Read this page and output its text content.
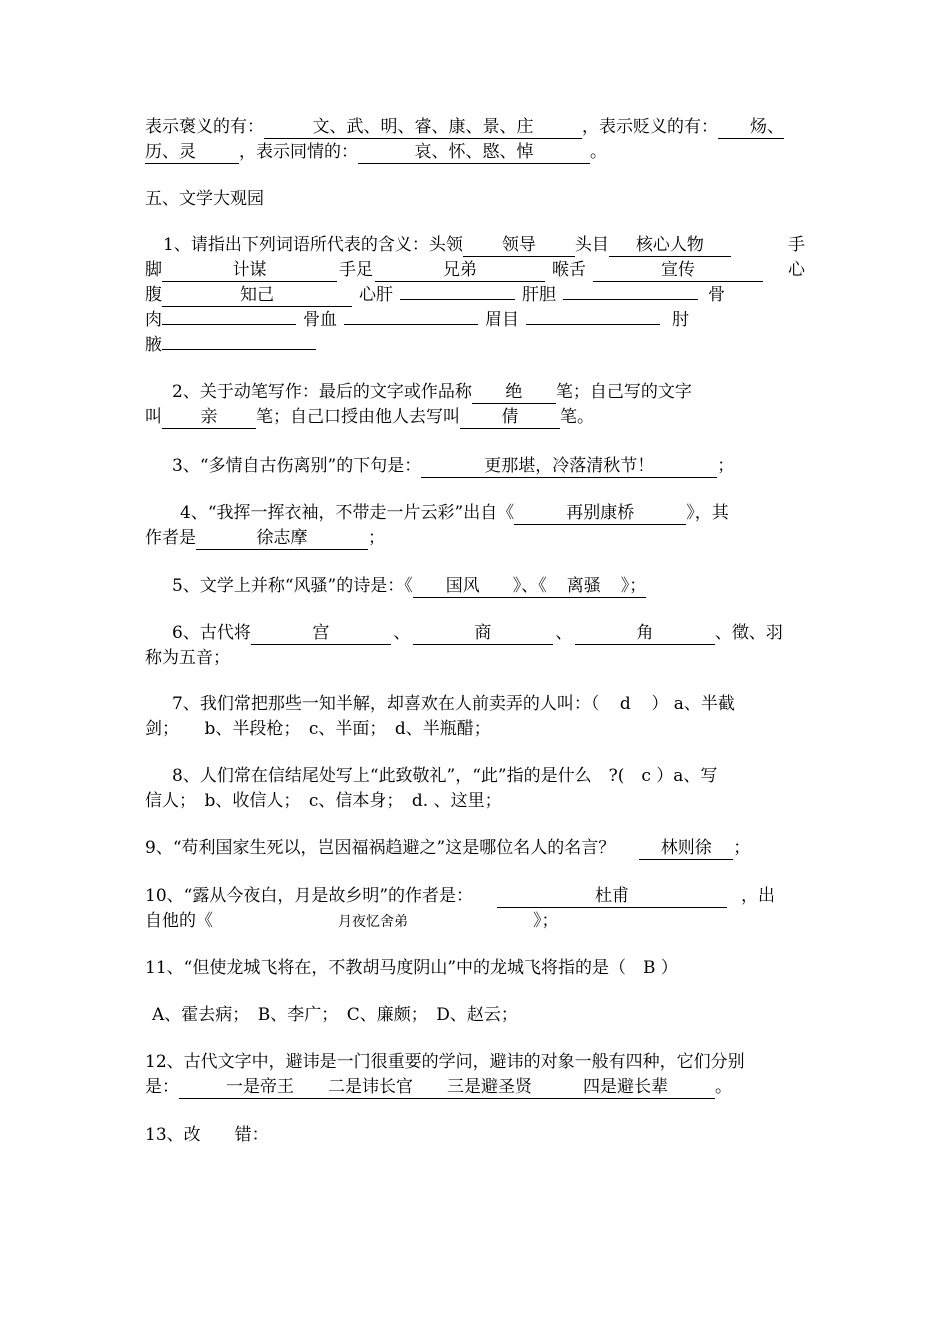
表示褒义的有：	文、武、明、睿、康、景、庄	，表示贬义的有： 炀、
历、灵	，表示同情的：	哀、怀、愍、悼	。
五、文学大观园
1、请指出下列词语所代表的含义：头领 领导 头目 核心人物	手
脚	计谋	手足	兄弟	喉舌	宣传	心
腹	知己	心肝	肝胆	骨
肉	骨血	眉目	肘
腋
2、关于动笔写作：最后的文字或作品称 绝 笔；自己写的文字
叫 亲 笔；自己口授由他人去写叫 倩 笔。
3、“多情自古伤离别”的下句是：	更那堪，冷落清秋节！	；
4、“我挥一挥衣袖，不带走一片云彩”出自《	再别康桥	》，其
作者是	徐志摩	；
5、文学上并称“风骚”的诗是：《 国风 》、《 离骚 》；
6、古代将	宫	、	商	、	角	、徵、羽
称为五音；
7、我们常把那些一知半解，却喜欢在人前卖弄的人叫：（ d ） a、半截
剑；　　b、半段枪；　c、半面；　d、半瓶醋；
8、人们常在信结尾处写上“此致敬礼”，“此”指的是什么　?(　c ）a、写
信人；　b、收信人；　c、信本身；　d. 、这里；
9、“苟利国家生死以，岂因福祸趋避之”这是哪位名人的名言？	林则徐 ；
10、“露从今夜白，月是故乡明”的作者是：	杜甫	，出
自他的《	月夜忆舍弟	》；
11、“但使龙城飞将在，不教胡马度阴山”中的龙城飞将指的是（　B ）
A、霍去病；　B、李广；　C、廉颇；　D、赵云；
12、古代文字中，避讳是一门很重要的学问，避讳的对象一般有四种，它们分别
是：	一是帝王　　二是讳长官　　三是避圣贤　　　四是避长辈	。
13、改　　错：
